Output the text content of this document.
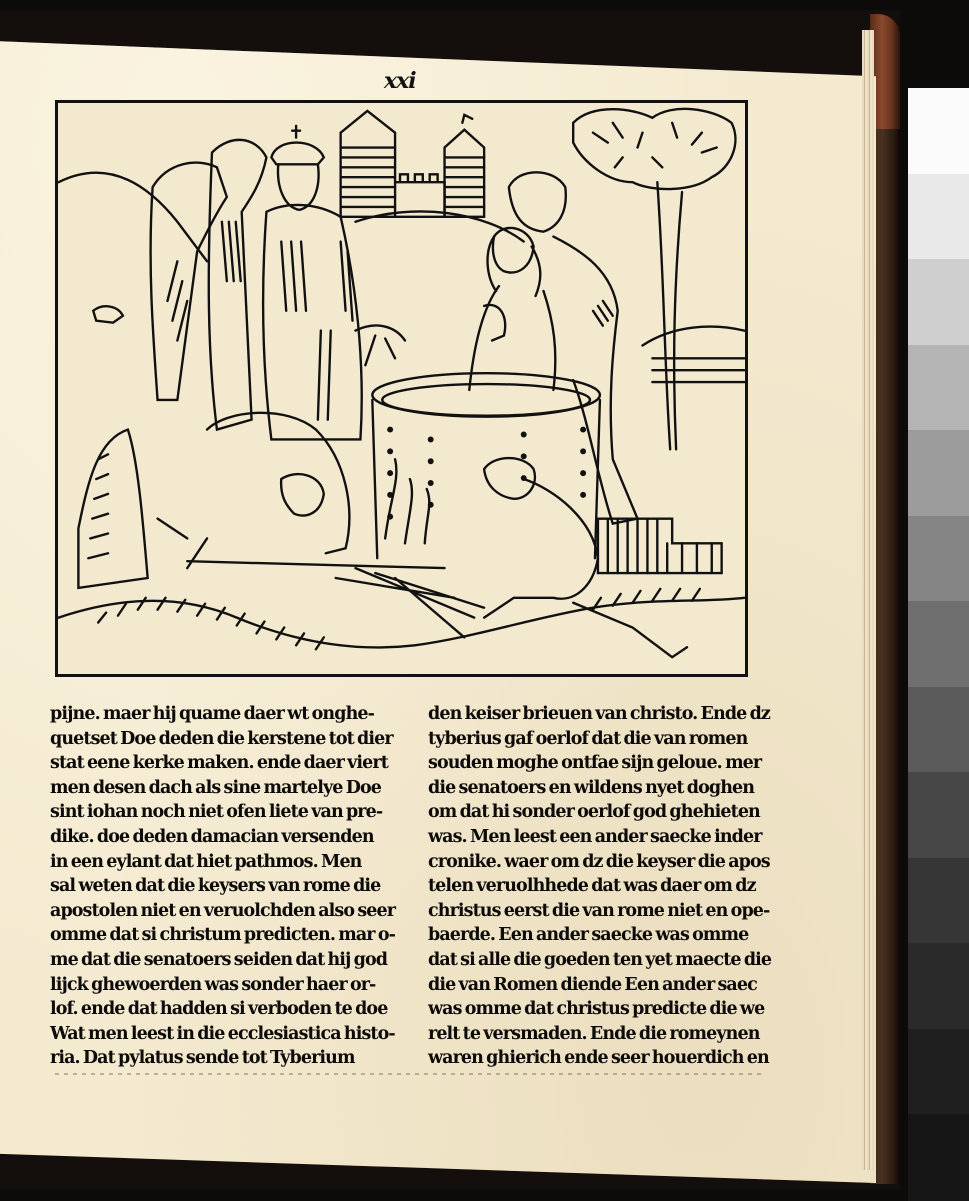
xxi
pijne. maer hij quame daer wt onghe-
quetset Doe deden die kerstene tot dier
stat eene kerke maken. ende daer viert
men desen dach als sine martelye Doe
sint iohan noch niet ofen liete van pre-
dike. doe deden damacian versenden
in een eylant dat hiet pathmos. Men
sal weten dat die keysers van rome die
apostolen niet en veruolchden also seer
omme dat si christum predicten. mar o-
me dat die senatoers seiden dat hij god
lijck ghewoerden was sonder haer or-
lof. ende dat hadden si verboden te doe
Wat men leest in die ecclesiastica histo-
ria. Dat pylatus sende tot Tyberium
den keiser brieuen van christo. Ende dz
tyberius gaf oerlof dat die van romen
souden moghe ontfae sijn geloue. mer
die senatoers en wildens nyet doghen
om dat hi sonder oerlof god ghehieten
was. Men leest een ander saecke inder
cronike. waer om dz die keyser die apos
telen veruolhhede dat was daer om dz
christus eerst die van rome niet en ope-
baerde. Een ander saecke was omme
dat si alle die goeden ten yet maecte die
die van Romen diende Een ander saec
was omme dat christus predicte die we
relt te versmaden. Ende die romeynen
waren ghierich ende seer houerdich en
